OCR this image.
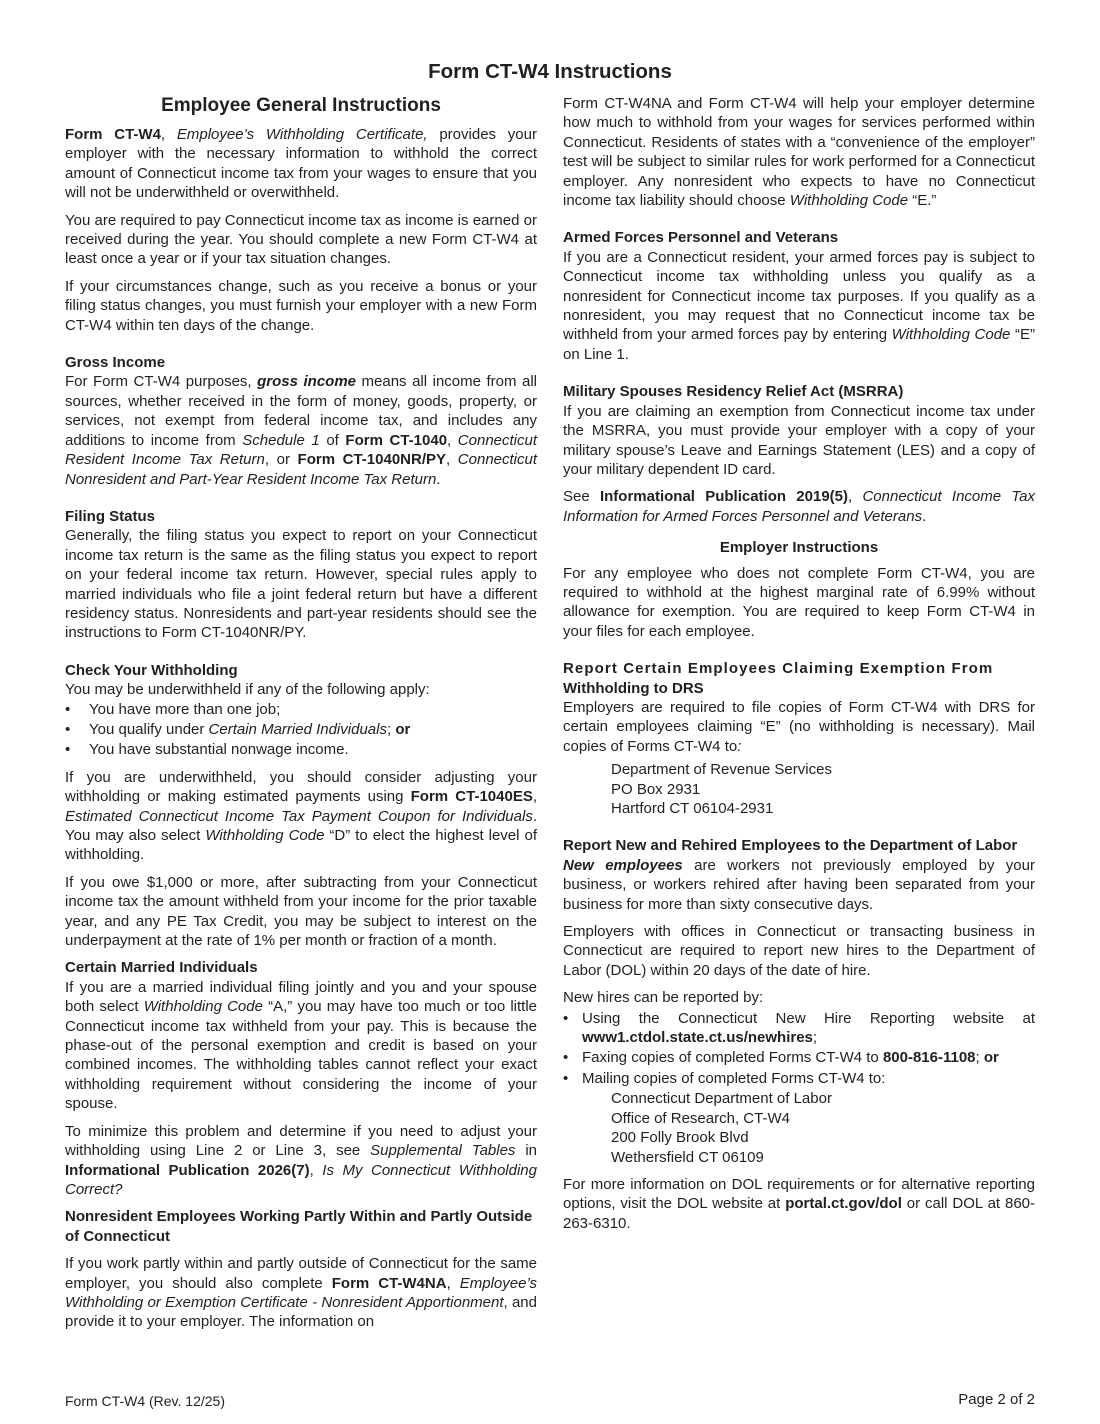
Form CT-W4 Instructions
Employee General Instructions

Form CT-W4, Employee’s Withholding Certificate, provides your employer with the necessary information to withhold the correct amount of Connecticut income tax from your wages to ensure that you will not be underwithheld or overwithheld.

You are required to pay Connecticut income tax as income is earned or received during the year. You should complete a new Form CT-W4 at least once a year or if your tax situation changes.

If your circumstances change, such as you receive a bonus or your filing status changes, you must furnish your employer with a new Form CT-W4 within ten days of the change.

Gross Income

For Form CT-W4 purposes, gross income means all income from all sources, whether received in the form of money, goods, property, or services, not exempt from federal income tax, and includes any additions to income from Schedule 1 of Form CT-1040, Connecticut Resident Income Tax Return, or Form CT-1040NR/PY, Connecticut Nonresident and Part-Year Resident Income Tax Return.

Filing Status

Generally, the filing status you expect to report on your Connecticut income tax return is the same as the filing status you expect to report on your federal income tax return. However, special rules apply to married individuals who file a joint federal return but have a different residency status. Nonresidents and part-year residents should see the instructions to Form CT-1040NR/PY.

Check Your Withholding

You may be underwithheld if any of the following apply:

• You have more than one job;
• You qualify under Certain Married Individuals; or
• You have substantial nonwage income.

If you are underwithheld, you should consider adjusting your withholding or making estimated payments using Form CT-1040ES, Estimated Connecticut Income Tax Payment Coupon for Individuals. You may also select Withholding Code “D” to elect the highest level of withholding.

If you owe $1,000 or more, after subtracting from your Connecticut income tax the amount withheld from your income for the prior taxable year, and any PE Tax Credit, you may be subject to interest on the underpayment at the rate of 1% per month or fraction of a month.

Certain Married Individuals

If you are a married individual filing jointly and you and your spouse both select Withholding Code “A,” you may have too much or too little Connecticut income tax withheld from your pay. This is because the phase-out of the personal exemption and credit is based on your combined incomes. The withholding tables cannot reflect your exact withholding requirement without considering the income of your spouse.

To minimize this problem and determine if you need to adjust your withholding using Line 2 or Line 3, see Supplemental Tables in Informational Publication 2026(7), Is My Connecticut Withholding Correct?

Nonresident Employees Working Partly Within and Partly Outside of Connecticut

If you work partly within and partly outside of Connecticut for the same employer, you should also complete Form CT-W4NA, Employee’s Withholding or Exemption Certificate - Nonresident Apportionment, and provide it to your employer. The information on

Form CT-W4NA and Form CT-W4 will help your employer determine how much to withhold from your wages for services performed within Connecticut. Residents of states with a “convenience of the employer” test will be subject to similar rules for work performed for a Connecticut employer. Any nonresident who expects to have no Connecticut income tax liability should choose Withholding Code “E.”

Armed Forces Personnel and Veterans

If you are a Connecticut resident, your armed forces pay is subject to Connecticut income tax withholding unless you qualify as a nonresident for Connecticut income tax purposes. If you qualify as a nonresident, you may request that no Connecticut income tax be withheld from your armed forces pay by entering Withholding Code “E” on Line 1.

Military Spouses Residency Relief Act (MSRRA)

If you are claiming an exemption from Connecticut income tax under the MSRRA, you must provide your employer with a copy of your military spouse’s Leave and Earnings Statement (LES) and a copy of your military dependent ID card.

See Informational Publication 2019(5), Connecticut Income Tax Information for Armed Forces Personnel and Veterans.

Employer Instructions

For any employee who does not complete Form CT-W4, you are required to withhold at the highest marginal rate of 6.99% without allowance for exemption. You are required to keep Form CT-W4 in your files for each employee.

Report Certain Employees Claiming Exemption From
Withholding to DRS

Employers are required to file copies of Form CT-W4 with DRS for certain employees claiming “E” (no withholding is necessary). Mail copies of Forms CT-W4 to:

Department of Revenue Services
PO Box 2931
Hartford CT 06104-2931
Report New and Rehired Employees to the Department of Labor

New employees are workers not previously employed by your business, or workers rehired after having been separated from your business for more than sixty consecutive days.

Employers with offices in Connecticut or transacting business in Connecticut are required to report new hires to the Department of Labor (DOL) within 20 days of the date of hire.

New hires can be reported by:

• Using the Connecticut New Hire Reporting website at www1.ctdol.state.ct.us/newhires;
• Faxing copies of completed Forms CT-W4 to 800-816-1108; or
• Mailing copies of completed Forms CT-W4 to:
Connecticut Department of Labor
Office of Research, CT-W4
200 Folly Brook Blvd
Wethersfield CT 06109

For more information on DOL requirements or for alternative reporting options, visit the DOL website at portal.ct.gov/dol or call DOL at 860-263-6310.

Form CT-W4 (Rev. 12/25)	Page 2 of 2
